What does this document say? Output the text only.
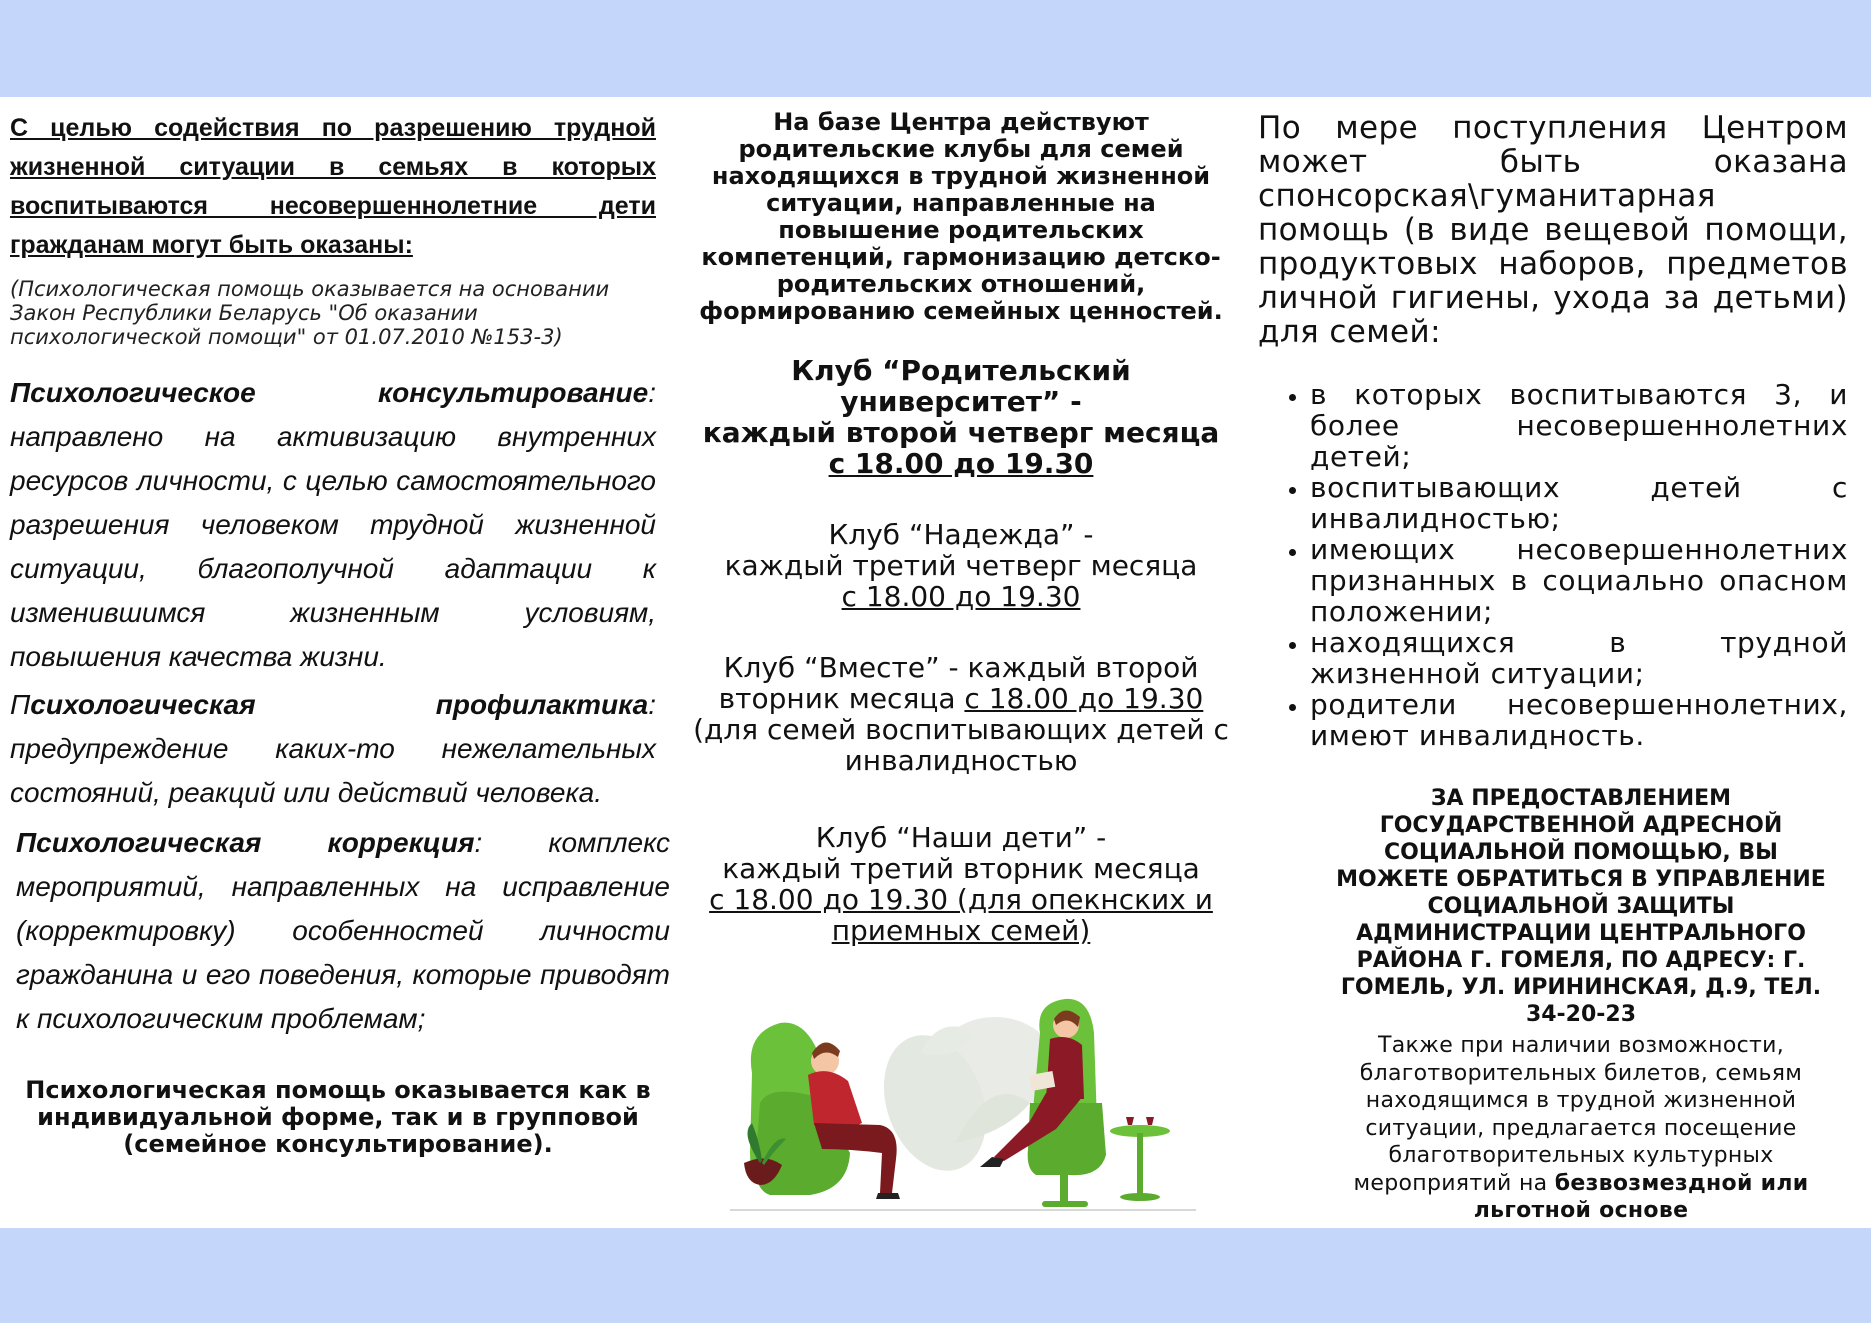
С целью содействия по разрешению трудной жизненной ситуации в семьях в которых воспитываются несовершеннолетние дети гражданам могут быть оказаны:
(Психологическая помощь оказывается на основании Закон Республики Беларусь "Об оказании психологической помощи" от 01.07.2010 №153-3)
Психологическое консультирование: направлено на активизацию внутренних ресурсов личности, с целью самостоятельного разрешения человеком трудной жизненной ситуации, благополучной адаптации к изменившимся жизненным условиям, повышения качества жизни.
Психологическая профилактика: предупреждение каких-то нежелательных состояний, реакций или действий человека.
Психологическая коррекция: комплекс мероприятий, направленных на исправление (корректировку) особенностей личности гражданина и его поведения, которые приводят к психологическим проблемам;
Психологическая помощь оказывается как в индивидуальной форме, так и в групповой (семейное консультирование).
На базе Центра действуют родительские клубы для семей находящихся в трудной жизненной ситуации, направленные на повышение родительских компетенций, гармонизацию детско-родительских отношений, формированию семейных ценностей.
Клуб “Родительский университет” -
каждый второй четверг месяца
с 18.00 до 19.30
Клуб “Надежда” -
каждый третий четверг месяца
с 18.00 до 19.30
Клуб “Вместе” - каждый второй вторник месяца с 18.00 до 19.30
(для семей воспитывающих детей с инвалидностью
Клуб “Наши дети” -
каждый третий вторник месяца
с 18.00 до 19.30 (для опекнских и приемных семей)
По мере поступления Центром может быть оказана спонсорская\гуманитарная помощь (в виде вещевой помощи, продуктовых наборов, предметов личной гигиены, ухода за детьми) для семей:
• в которых воспитываются 3, и более несовершеннолетних детей;
• воспитывающих детей с инвалидностью;
• имеющих несовершеннолетних признанных в социально опасном положении;
• находящихся в трудной жизненной ситуации;
• родители несовершеннолетних, имеют инвалидность.
ЗА ПРЕДОСТАВЛЕНИЕМ ГОСУДАРСТВЕННОЙ АДРЕСНОЙ СОЦИАЛЬНОЙ ПОМОЩЬЮ, ВЫ МОЖЕТЕ ОБРАТИТЬСЯ В УПРАВЛЕНИЕ СОЦИАЛЬНОЙ ЗАЩИТЫ АДМИНИСТРАЦИИ ЦЕНТРАЛЬНОГО РАЙОНА Г. ГОМЕЛЯ, ПО АДРЕСУ: Г. ГОМЕЛЬ, УЛ. ИРИНИНСКАЯ, Д.9, ТЕЛ. 34-20-23
Также при наличии возможности, благотворительных билетов, семьям находящимся в трудной жизненной ситуации, предлагается посещение благотворительных культурных мероприятий на безвозмездной или льготной основе
